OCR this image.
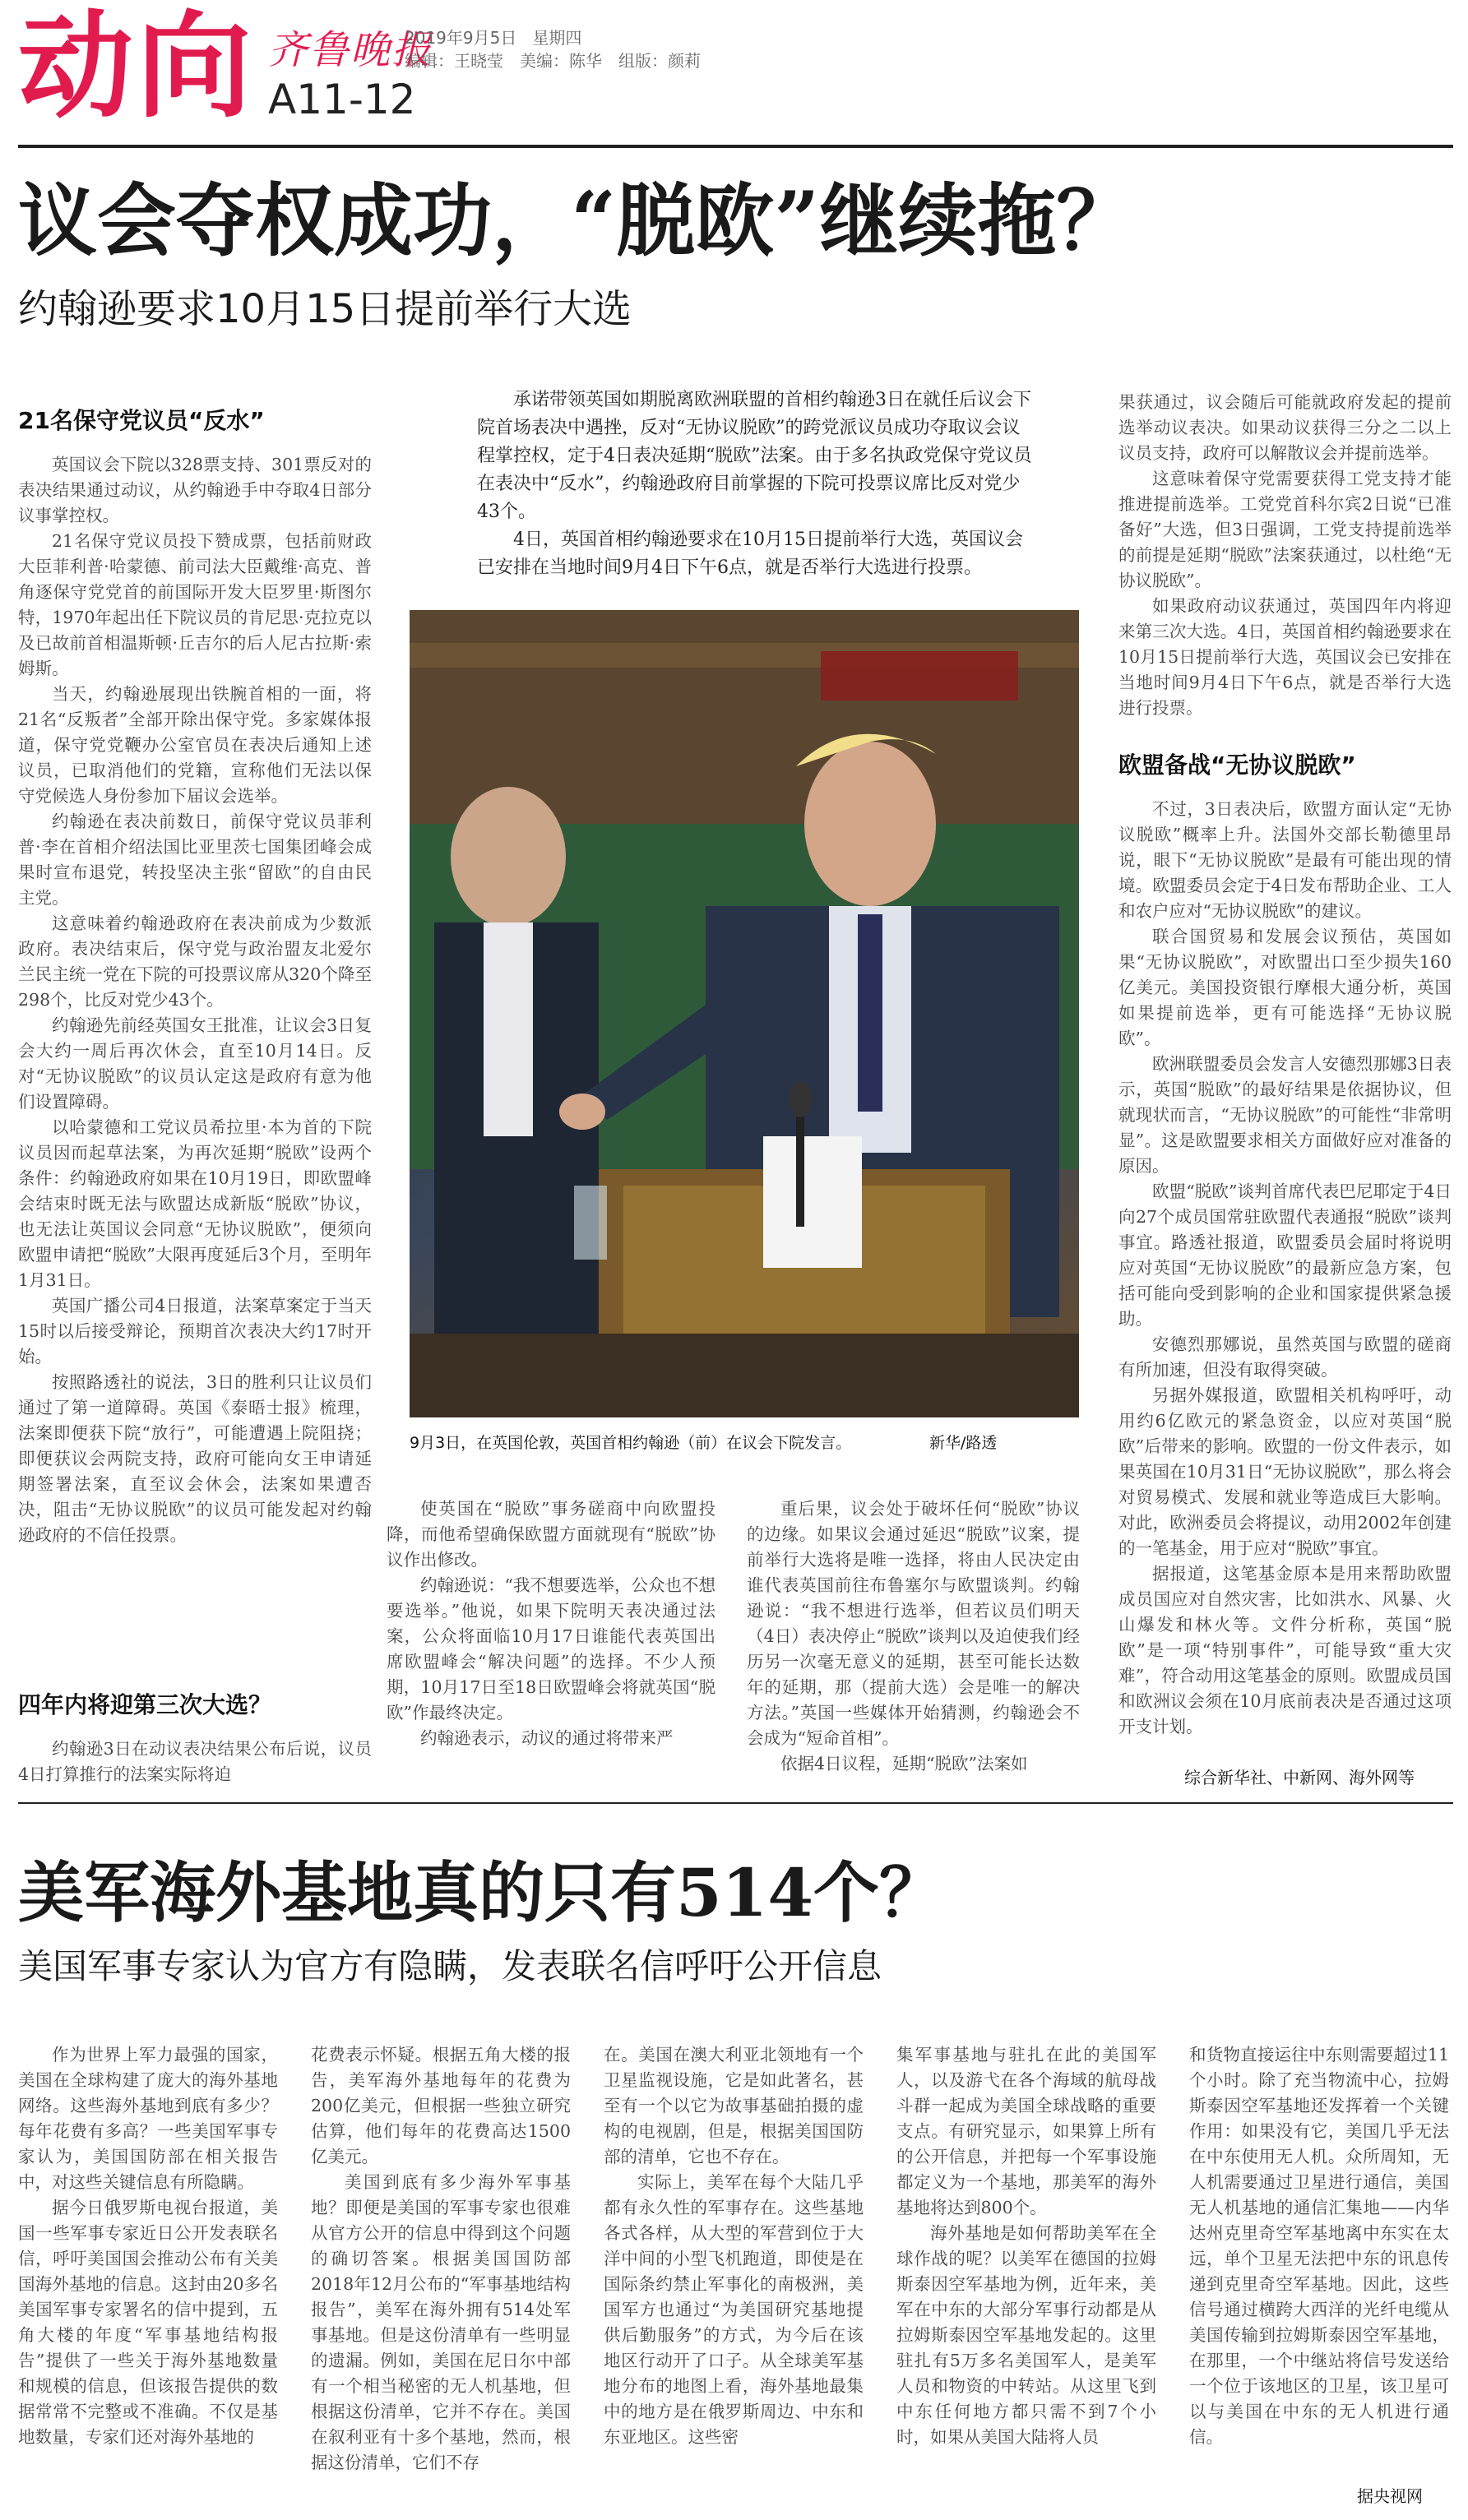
动向 齐鲁晚报
A11-12
2019年9月5日 星期四
编辑：王晓莹　美编：陈华　组版：颜莉
议会夺权成功，“脱欧”继续拖？
约翰逊要求10月15日提前举行大选
21名保守党议员“反水”

英国议会下院以328票支持、301票反对的表决结果通过动议，从约翰逊手中夺取4日部分议事掌控权。

21名保守党议员投下赞成票，包括前财政大臣菲利普·哈蒙德、前司法大臣戴维·高克、普角逐保守党党首的前国际开发大臣罗里·斯图尔特，1970年起出任下院议员的肯尼思·克拉克以及已故前首相温斯顿·丘吉尔的后人尼古拉斯·索姆斯。

当天，约翰逊展现出铁腕首相的一面，将21名“反叛者”全部开除出保守党。多家媒体报道，保守党党鞭办公室官员在表决后通知上述议员，已取消他们的党籍，宣称他们无法以保守党候选人身份参加下届议会选举。

约翰逊在表决前数日，前保守党议员菲利普·李在首相介绍法国比亚里茨七国集团峰会成果时宣布退党，转投坚决主张“留欧”的自由民主党。

这意味着约翰逊政府在表决前成为少数派政府。表决结束后，保守党与政治盟友北爱尔兰民主统一党在下院的可投票议席从320个降至298个，比反对党少43个。

约翰逊先前经英国女王批准，让议会3日复会大约一周后再次休会，直至10月14日。反对“无协议脱欧”的议员认定这是政府有意为他们设置障碍。

以哈蒙德和工党议员希拉里·本为首的下院议员因而起草法案，为再次延期“脱欧”设两个条件：约翰逊政府如果在10月19日，即欧盟峰会结束时既无法与欧盟达成新版“脱欧”协议，也无法让英国议会同意“无协议脱欧”，便须向欧盟申请把“脱欧”大限再度延后3个月，至明年1月31日。

英国广播公司4日报道，法案草案定于当天15时以后接受辩论，预期首次表决大约17时开始。

按照路透社的说法，3日的胜利只让议员们通过了第一道障碍。英国《泰晤士报》梳理，法案即便获下院“放行”，可能遭遇上院阻挠；即便获议会两院支持，政府可能向女王申请延期签署法案，直至议会休会，法案如果遭否决，阻击“无协议脱欧”的议员可能发起对约翰逊政府的不信任投票。

四年内将迎第三次大选？

约翰逊3日在动议表决结果公布后说，议员4日打算推行的法案实际将迫

承诺带领英国如期脱离欧洲联盟的首相约翰逊3日在就任后议会下院首场表决中遇挫，反对“无协议脱欧”的跨党派议员成功夺取议会议程掌控权，定于4日表决延期“脱欧”法案。由于多名执政党保守党议员在表决中“反水”，约翰逊政府目前掌握的下院可投票议席比反对党少43个。

4日，英国首相约翰逊要求在10月15日提前举行大选，英国议会已安排在当地时间9月4日下午6点，就是否举行大选进行投票。

9月3日，在英国伦敦，英国首相约翰逊（前）在议会下院发言。	新华/路透

使英国在“脱欧”事务磋商中向欧盟投降，而他希望确保欧盟方面就现有“脱欧”协议作出修改。

约翰逊说：“我不想要选举，公众也不想要选举。”他说，如果下院明天表决通过法案，公众将面临10月17日谁能代表英国出席欧盟峰会“解决问题”的选择。不少人预期，10月17日至18日欧盟峰会将就英国“脱欧”作最终决定。

约翰逊表示，动议的通过将带来严

重后果，议会处于破坏任何“脱欧”协议的边缘。如果议会通过延迟“脱欧”议案，提前举行大选将是唯一选择，将由人民决定由谁代表英国前往布鲁塞尔与欧盟谈判。约翰逊说：“我不想进行选举，但若议员们明天（4日）表决停止“脱欧”谈判以及迫使我们经历另一次毫无意义的延期，甚至可能长达数年的延期，那（提前大选）会是唯一的解决方法。”英国一些媒体开始猜测，约翰逊会不会成为“短命首相”。

依据4日议程，延期“脱欧”法案如

果获通过，议会随后可能就政府发起的提前选举动议表决。如果动议获得三分之二以上议员支持，政府可以解散议会并提前选举。

这意味着保守党需要获得工党支持才能推进提前选举。工党党首科尔宾2日说“已准备好”大选，但3日强调，工党支持提前选举的前提是延期“脱欧”法案获通过，以杜绝“无协议脱欧”。

如果政府动议获通过，英国四年内将迎来第三次大选。4日，英国首相约翰逊要求在10月15日提前举行大选，英国议会已安排在当地时间9月4日下午6点，就是否举行大选进行投票。

欧盟备战“无协议脱欧”

不过，3日表决后，欧盟方面认定“无协议脱欧”概率上升。法国外交部长勒德里昂说，眼下“无协议脱欧”是最有可能出现的情境。欧盟委员会定于4日发布帮助企业、工人和农户应对“无协议脱欧”的建议。

联合国贸易和发展会议预估，英国如果“无协议脱欧”，对欧盟出口至少损失160亿美元。美国投资银行摩根大通分析，英国如果提前选举，更有可能选择“无协议脱欧”。

欧洲联盟委员会发言人安德烈那娜3日表示，英国“脱欧”的最好结果是依据协议，但就现状而言，“无协议脱欧”的可能性“非常明显”。这是欧盟要求相关方面做好应对准备的原因。

欧盟“脱欧”谈判首席代表巴尼耶定于4日向27个成员国常驻欧盟代表通报“脱欧”谈判事宜。路透社报道，欧盟委员会届时将说明应对英国“无协议脱欧”的最新应急方案，包括可能向受到影响的企业和国家提供紧急援助。

安德烈那娜说，虽然英国与欧盟的磋商有所加速，但没有取得突破。

另据外媒报道，欧盟相关机构呼吁，动用约6亿欧元的紧急资金，以应对英国“脱欧”后带来的影响。欧盟的一份文件表示，如果英国在10月31日“无协议脱欧”，那么将会对贸易模式、发展和就业等造成巨大影响。对此，欧洲委员会将提议，动用2002年创建的一笔基金，用于应对“脱欧”事宜。

据报道，这笔基金原本是用来帮助欧盟成员国应对自然灾害，比如洪水、风暴、火山爆发和林火等。文件分析称，英国“脱欧”是一项“特别事件”，可能导致“重大灾难”，符合动用这笔基金的原则。欧盟成员国和欧洲议会须在10月底前表决是否通过这项开支计划。

综合新华社、中新网、海外网等
美军海外基地真的只有514个？
美国军事专家认为官方有隐瞒，发表联名信呼吁公开信息

作为世界上军力最强的国家，美国在全球构建了庞大的海外基地网络。这些海外基地到底有多少？每年花费有多高？一些美国军事专家认为，美国国防部在相关报告中，对这些关键信息有所隐瞒。

据今日俄罗斯电视台报道，美国一些军事专家近日公开发表联名信，呼吁美国国会推动公布有关美国海外基地的信息。这封由20多名美国军事专家署名的信中提到，五角大楼的年度“军事基地结构报告”提供了一些关于海外基地数量和规模的信息，但该报告提供的数据常常不完整或不准确。不仅是基地数量，专家们还对海外基地的

花费表示怀疑。根据五角大楼的报告，美军海外基地每年的花费为200亿美元，但根据一些独立研究估算，他们每年的花费高达1500亿美元。

美国到底有多少海外军事基地？即便是美国的军事专家也很难从官方公开的信息中得到这个问题的确切答案。根据美国国防部2018年12月公布的“军事基地结构报告”，美军在海外拥有514处军事基地。但是这份清单有一些明显的遗漏。例如，美国在尼日尔中部有一个相当秘密的无人机基地，但根据这份清单，它并不存在。美国在叙利亚有十多个基地，然而，根据这份清单，它们不存

在。美国在澳大利亚北领地有一个卫星监视设施，它是如此著名，甚至有一个以它为故事基础拍摄的虚构的电视剧，但是，根据美国国防部的清单，它也不存在。

实际上，美军在每个大陆几乎都有永久性的军事存在。这些基地各式各样，从大型的军营到位于大洋中间的小型飞机跑道，即使是在国际条约禁止军事化的南极洲，美国军方也通过“为美国研究基地提供后勤服务”的方式，为今后在该地区行动开了口子。从全球美军基地分布的地图上看，海外基地最集中的地方是在俄罗斯周边、中东和东亚地区。这些密

集军事基地与驻扎在此的美国军人，以及游弋在各个海域的航母战斗群一起成为美国全球战略的重要支点。有研究显示，如果算上所有的公开信息，并把每一个军事设施都定义为一个基地，那美军的海外基地将达到800个。

海外基地是如何帮助美军在全球作战的呢？以美军在德国的拉姆斯泰因空军基地为例，近年来，美军在中东的大部分军事行动都是从拉姆斯泰因空军基地发起的。这里驻扎有5万多名美国军人，是美军人员和物资的中转站。从这里飞到中东任何地方都只需不到7个小时，如果从美国大陆将人员

和货物直接运往中东则需要超过11个小时。除了充当物流中心，拉姆斯泰因空军基地还发挥着一个关键作用：如果没有它，美国几乎无法在中东使用无人机。众所周知，无人机需要通过卫星进行通信，美国无人机基地的通信汇集地——内华达州克里奇空军基地离中东实在太远，单个卫星无法把中东的讯息传递到克里奇空军基地。因此，这些信号通过横跨大西洋的光纤电缆从美国传输到拉姆斯泰因空军基地，在那里，一个中继站将信号发送给一个位于该地区的卫星，该卫星可以与美国在中东的无人机进行通信。

据央视网
